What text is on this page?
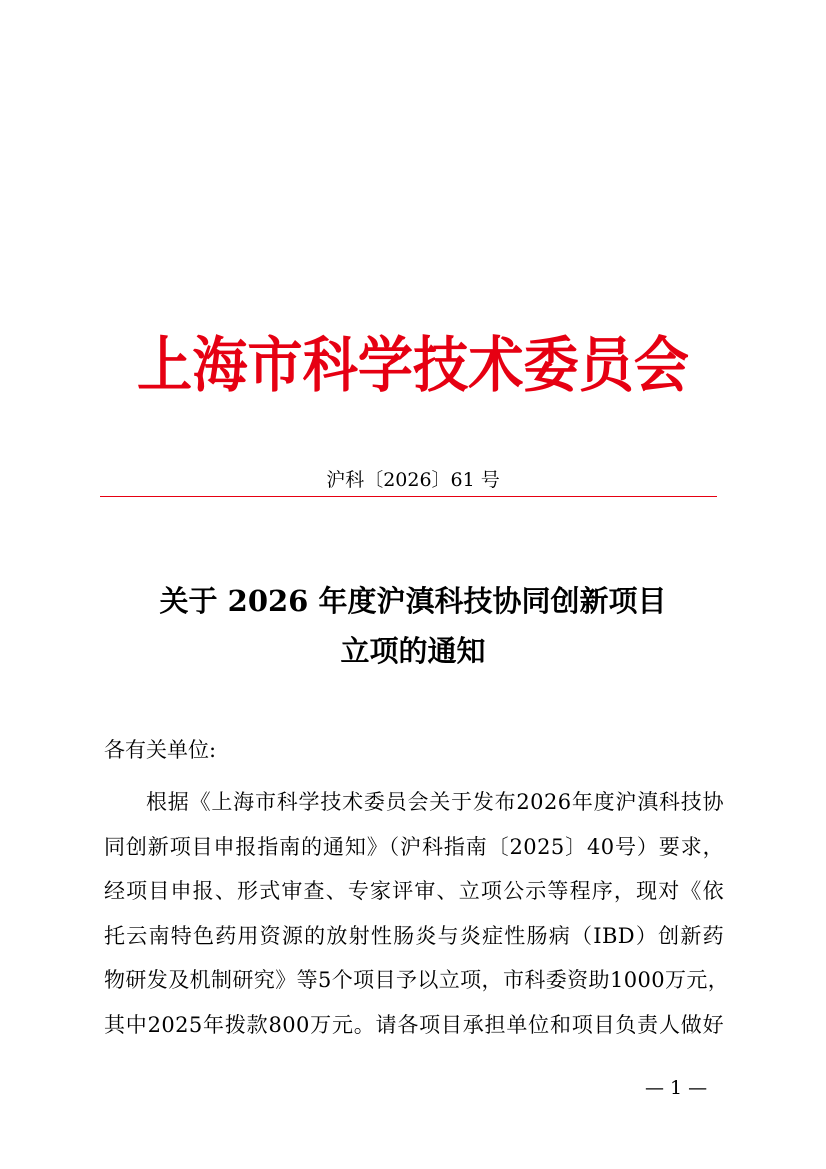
上海市科学技术委员会
沪科〔2026〕61 号
关于 2026 年度沪滇科技协同创新项目
立项的通知
各有关单位:
根据《上海市科学技术委员会关于发布2026年度沪滇科技协
同创新项目申报指南的通知》（沪科指南〔2025〕40号）要求，
经项目申报、形式审查、专家评审、立项公示等程序，现对《依
托云南特色药用资源的放射性肠炎与炎症性肠病（IBD）创新药
物研发及机制研究》等5个项目予以立项，市科委资助1000万元，
其中2025年拨款800万元。请各项目承担单位和项目负责人做好
— 1 —
